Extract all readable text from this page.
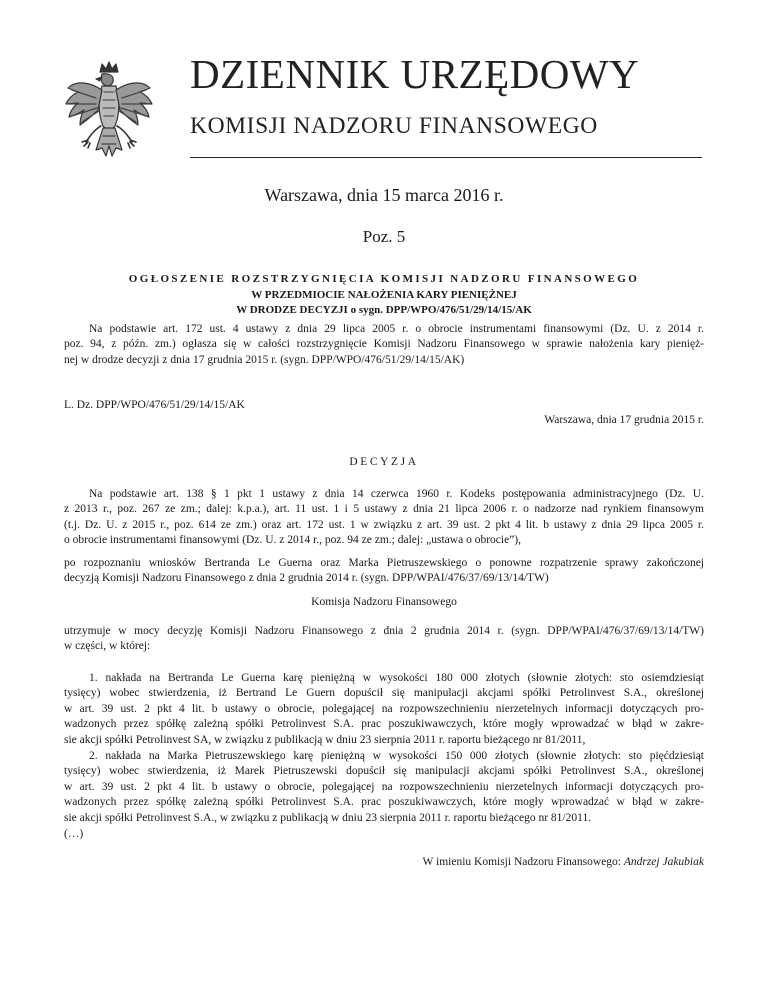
DZIENNIK URZĘDOWY
KOMISJI NADZORU FINANSOWEGO
Warszawa, dnia 15 marca 2016 r.
Poz. 5
OGŁOSZENIE ROZSTRZYGNIĘCIA KOMISJI NADZORU FINANSOWEGO
W PRZEDMIOCIE NAŁOŻENIA KARY PIENIĘŻNEJ
W DRODZE DECYZJI o sygn. DPP/WPO/476/51/29/14/15/AK
Na podstawie art. 172 ust. 4 ustawy z dnia 29 lipca 2005 r. o obrocie instrumentami finansowymi (Dz. U. z 2014 r.
poz. 94, z późn. zm.) ogłasza się w całości rozstrzygnięcie Komisji Nadzoru Finansowego w sprawie nałożenia kary pienięż-
nej w drodze decyzji z dnia 17 grudnia 2015 r. (sygn. DPP/WPO/476/51/29/14/15/AK)
L. Dz. DPP/WPO/476/51/29/14/15/AK
Warszawa, dnia 17 grudnia 2015 r.
DECYZJA
Na podstawie art. 138 § 1 pkt 1 ustawy z dnia 14 czerwca 1960 r. Kodeks postępowania administracyjnego (Dz. U.
z 2013 r., poz. 267 ze zm.; dalej: k.p.a.), art. 11 ust. 1 i 5 ustawy z dnia 21 lipca 2006 r. o nadzorze nad rynkiem finansowym
(t.j. Dz. U. z 2015 r., poz. 614 ze zm.) oraz art. 172 ust. 1 w związku z art. 39 ust. 2 pkt 4 lit. b ustawy z dnia 29 lipca 2005 r.
o obrocie instrumentami finansowymi (Dz. U. z 2014 r., poz. 94 ze zm.; dalej: „ustawa o obrocie”),
po rozpoznaniu wniosków Bertranda Le Guerna oraz Marka Pietruszewskiego o ponowne rozpatrzenie sprawy zakończonej
decyzją Komisji Nadzoru Finansowego z dnia 2 grudnia 2014 r. (sygn. DPP/WPAI/476/37/69/13/14/TW)
Komisja Nadzoru Finansowego
utrzymuje w mocy decyzję Komisji Nadzoru Finansowego z dnia 2 grudnia 2014 r. (sygn. DPP/WPAI/476/37/69/13/14/TW)
w części, w której:
1. nakłada na Bertranda Le Guerna karę pieniężną w wysokości 180 000 złotych (słownie złotych: sto osiemdziesiąt
tysięcy) wobec stwierdzenia, iż Bertrand Le Guern dopuścił się manipulacji akcjami spółki Petrolinvest S.A., określonej
w art. 39 ust. 2 pkt 4 lit. b ustawy o obrocie, polegającej na rozpowszechnieniu nierzetelnych informacji dotyczących pro-
wadzonych przez spółkę zależną spółki Petrolinvest S.A. prac poszukiwawczych, które mogły wprowadzać w błąd w zakre-
sie akcji spółki Petrolinvest SA, w związku z publikacją w dniu 23 sierpnia 2011 r. raportu bieżącego nr 81/2011,
2. nakłada na Marka Pietruszewskiego karę pieniężną w wysokości 150 000 złotych (słownie złotych: sto pięćdziesiąt
tysięcy) wobec stwierdzenia, iż Marek Pietruszewski dopuścił się manipulacji akcjami spółki Petrolinvest S.A., określonej
w art. 39 ust. 2 pkt 4 lit. b ustawy o obrocie, polegającej na rozpowszechnieniu nierzetelnych informacji dotyczących pro-
wadzonych przez spółkę zależną spółki Petrolinvest S.A. prac poszukiwawczych, które mogły wprowadzać w błąd w zakre-
sie akcji spółki Petrolinvest S.A., w związku z publikacją w dniu 23 sierpnia 2011 r. raportu bieżącego nr 81/2011.
(…)
W imieniu Komisji Nadzoru Finansowego: Andrzej Jakubiak
